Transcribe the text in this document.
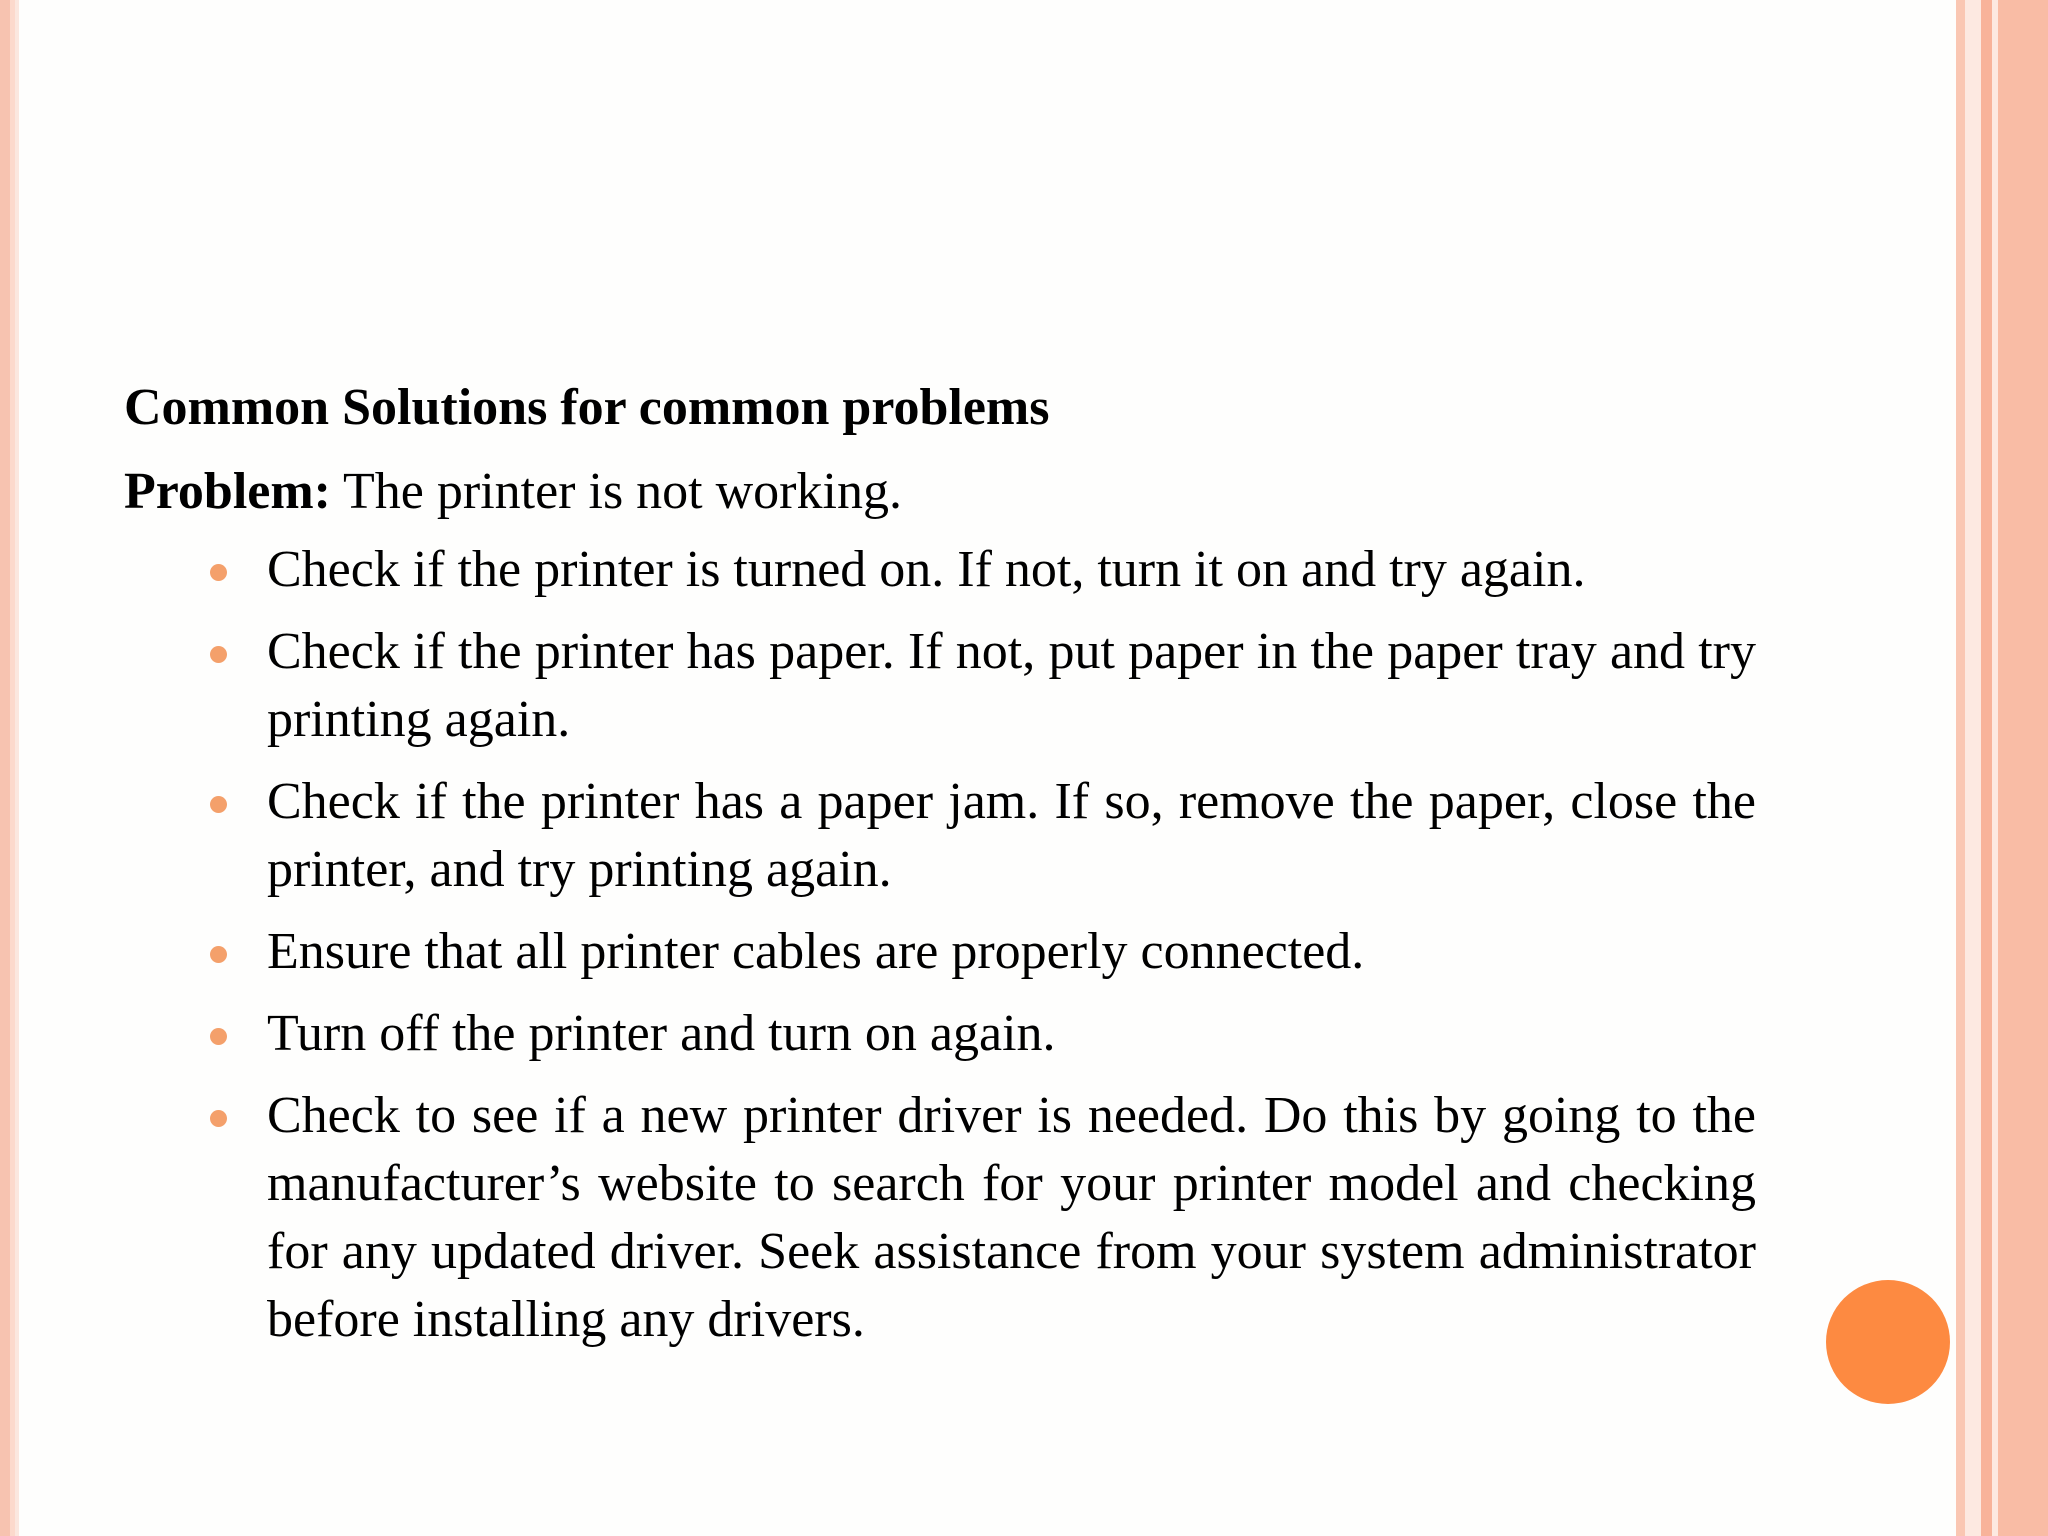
Common Solutions for common problems

Problem: The printer is not working.

Check if the printer is turned on. If not, turn it on and try again.
Check if the printer has paper. If not, put paper in the paper tray and try printing again.
Check if the printer has a paper jam. If so, remove the paper, close the printer, and try printing again.
Ensure that all printer cables are properly connected.
Turn off the printer and turn on again.
Check to see if a new printer driver is needed. Do this by going to the manufacturer’s website to search for your printer model and checking for any updated driver. Seek assistance from your system administrator before installing any drivers.
